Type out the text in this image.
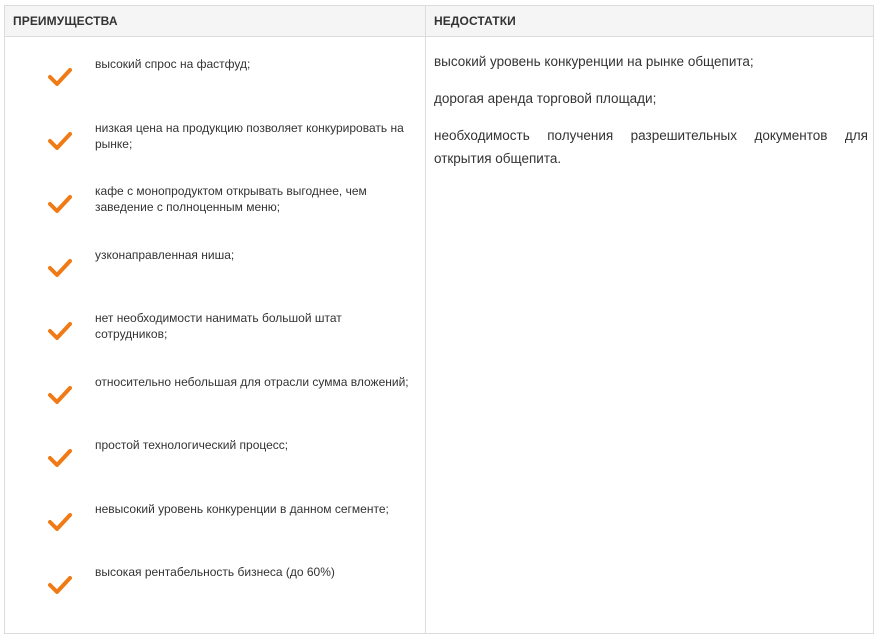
ПРЕИМУЩЕСТВА	НЕДОСТАТКИ
высокий спрос на фастфуд;
низкая цена на продукцию позволяет конкурировать на рынке;
кафе с монопродуктом открывать выгоднее, чем заведение с полноценным меню;
узконаправленная ниша;
нет необходимости нанимать большой штат сотрудников;
относительно небольшая для отрасли сумма вложений;
простой технологический процесс;
невысокий уровень конкуренции в данном сегменте;
высокая рентабельность бизнеса (до 60%)
высокий уровень конкуренции на рынке общепита;
дорогая аренда торговой площади;
необходимость получения разрешительных документов для открытия общепита.
